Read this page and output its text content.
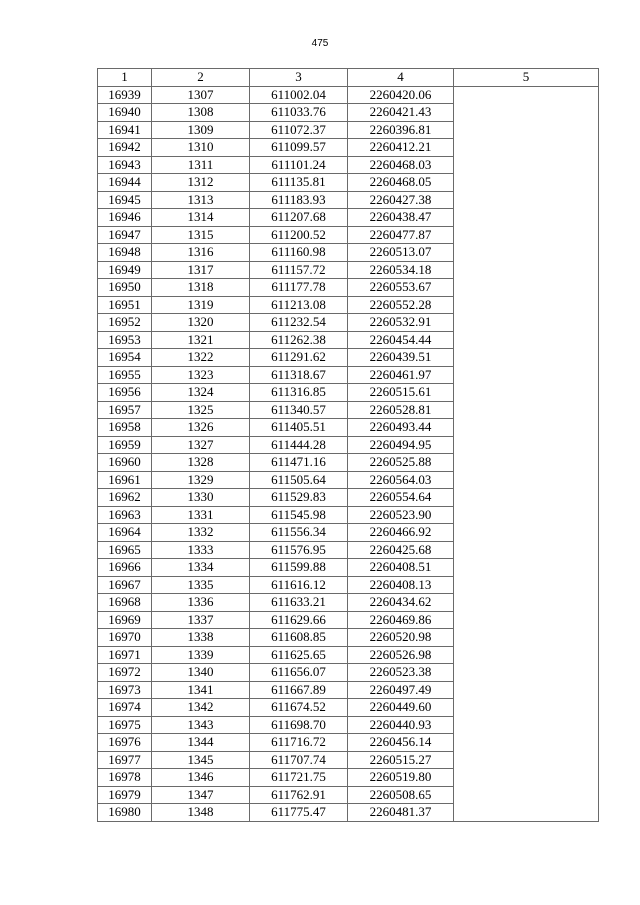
475
1	2	3	4	5
16939	1307	611002.04	2260420.06	
16940	1308	611033.76	2260421.43	
16941	1309	611072.37	2260396.81	
16942	1310	611099.57	2260412.21	
16943	1311	611101.24	2260468.03	
16944	1312	611135.81	2260468.05	
16945	1313	611183.93	2260427.38	
16946	1314	611207.68	2260438.47	
16947	1315	611200.52	2260477.87	
16948	1316	611160.98	2260513.07	
16949	1317	611157.72	2260534.18	
16950	1318	611177.78	2260553.67	
16951	1319	611213.08	2260552.28	
16952	1320	611232.54	2260532.91	
16953	1321	611262.38	2260454.44	
16954	1322	611291.62	2260439.51	
16955	1323	611318.67	2260461.97	
16956	1324	611316.85	2260515.61	
16957	1325	611340.57	2260528.81	
16958	1326	611405.51	2260493.44	
16959	1327	611444.28	2260494.95	
16960	1328	611471.16	2260525.88	
16961	1329	611505.64	2260564.03	
16962	1330	611529.83	2260554.64	
16963	1331	611545.98	2260523.90	
16964	1332	611556.34	2260466.92	
16965	1333	611576.95	2260425.68	
16966	1334	611599.88	2260408.51	
16967	1335	611616.12	2260408.13	
16968	1336	611633.21	2260434.62	
16969	1337	611629.66	2260469.86	
16970	1338	611608.85	2260520.98	
16971	1339	611625.65	2260526.98	
16972	1340	611656.07	2260523.38	
16973	1341	611667.89	2260497.49	
16974	1342	611674.52	2260449.60	
16975	1343	611698.70	2260440.93	
16976	1344	611716.72	2260456.14	
16977	1345	611707.74	2260515.27	
16978	1346	611721.75	2260519.80	
16979	1347	611762.91	2260508.65	
16980	1348	611775.47	2260481.37	
